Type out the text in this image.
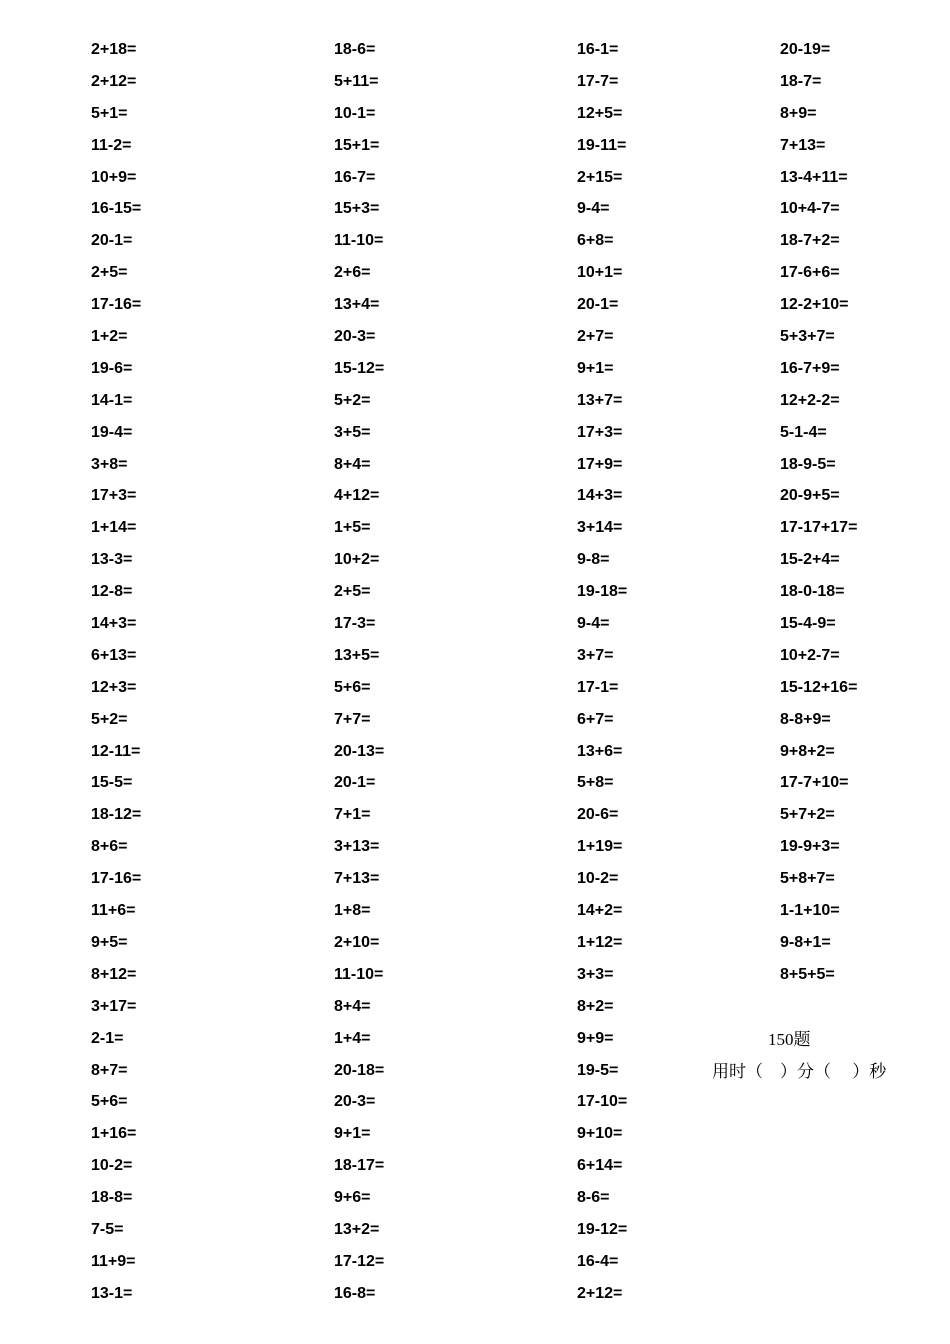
2+18=
2+12=
5+1=
11-2=
10+9=
16-15=
20-1=
2+5=
17-16=
1+2=
19-6=
14-1=
19-4=
3+8=
17+3=
1+14=
13-3=
12-8=
14+3=
6+13=
12+3=
5+2=
12-11=
15-5=
18-12=
8+6=
17-16=
11+6=
9+5=
8+12=
3+17=
2-1=
8+7=
5+6=
1+16=
10-2=
18-8=
7-5=
11+9=
13-1=
18-6=
5+11=
10-1=
15+1=
16-7=
15+3=
11-10=
2+6=
13+4=
20-3=
15-12=
5+2=
3+5=
8+4=
4+12=
1+5=
10+2=
2+5=
17-3=
13+5=
5+6=
7+7=
20-13=
20-1=
7+1=
3+13=
7+13=
1+8=
2+10=
11-10=
8+4=
1+4=
20-18=
20-3=
9+1=
18-17=
9+6=
13+2=
17-12=
16-8=
16-1=
17-7=
12+5=
19-11=
2+15=
9-4=
6+8=
10+1=
20-1=
2+7=
9+1=
13+7=
17+3=
17+9=
14+3=
3+14=
9-8=
19-18=
9-4=
3+7=
17-1=
6+7=
13+6=
5+8=
20-6=
1+19=
10-2=
14+2=
1+12=
3+3=
8+2=
9+9=
19-5=
17-10=
9+10=
6+14=
8-6=
19-12=
16-4=
2+12=
20-19=
18-7=
8+9=
7+13=
13-4+11=
10+4-7=
18-7+2=
17-6+6=
12-2+10=
5+3+7=
16-7+9=
12+2-2=
5-1-4=
18-9-5=
20-9+5=
17-17+17=
15-2+4=
18-0-18=
15-4-9=
10+2-7=
15-12+16=
8-8+9=
9+8+2=
17-7+10=
5+7+2=
19-9+3=
5+8+7=
1-1+10=
9-8+1=
8+5+5=
150题
用时（    ）分（     ）秒
